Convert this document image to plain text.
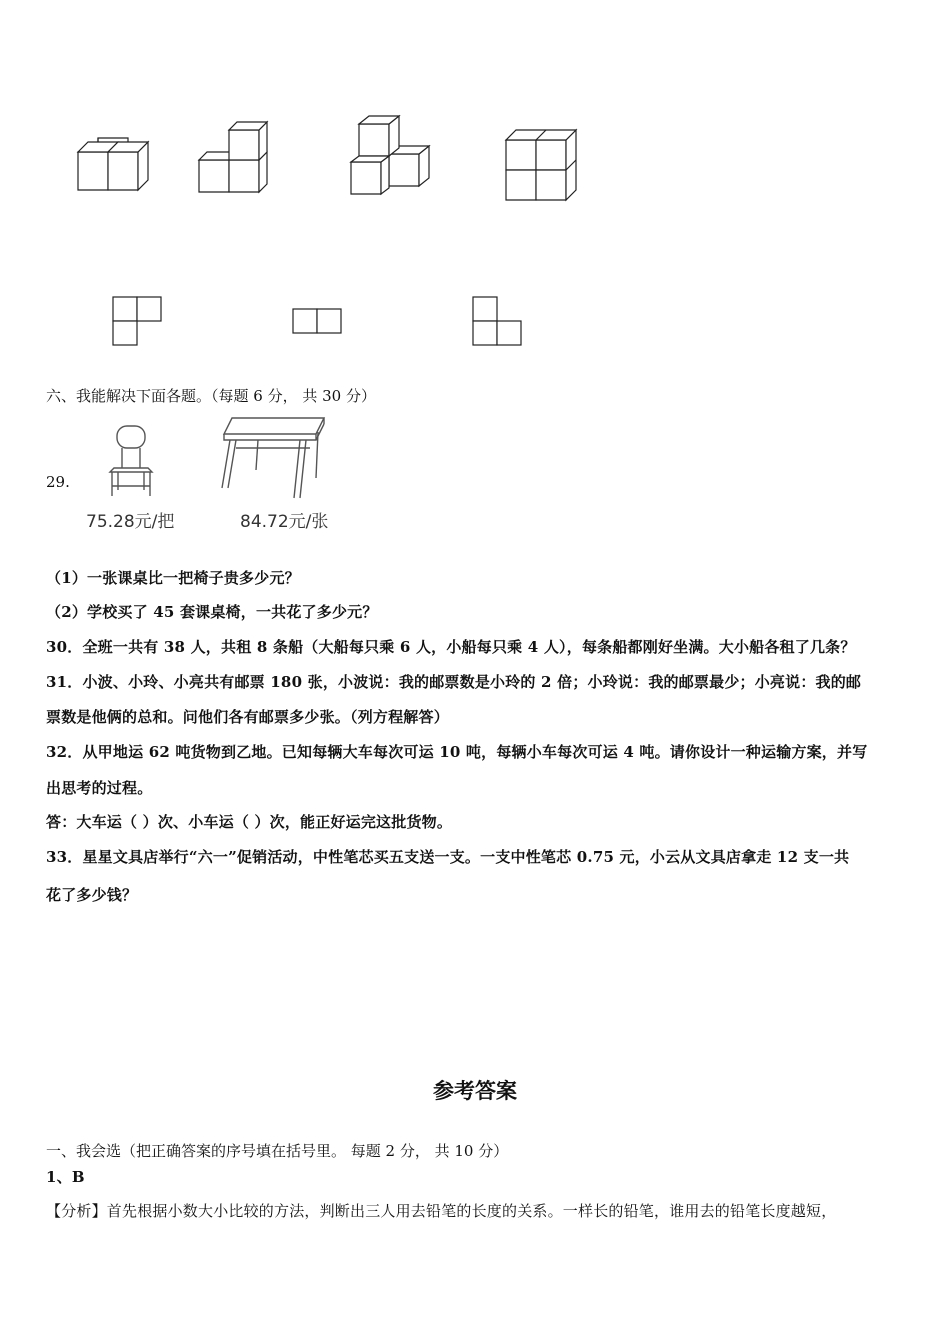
六、我能解决下面各题。（每题 6 分， 共 30 分）
29.
75.28元/把	84.72元/张
（1）一张课桌比一把椅子贵多少元？
（2）学校买了 45 套课桌椅，一共花了多少元？
30．全班一共有 38 人，共租 8 条船（大船每只乘 6 人，小船每只乘 4 人），每条船都刚好坐满。大小船各租了几条？
31．小波、小玲、小亮共有邮票 180 张，小波说：我的邮票数是小玲的 2 倍；小玲说：我的邮票最少；小亮说：我的邮
票数是他俩的总和。问他们各有邮票多少张。（列方程解答）
32．从甲地运 62 吨货物到乙地。已知每辆大车每次可运 10 吨，每辆小车每次可运 4 吨。请你设计一种运输方案，并写
出思考的过程。
答：大车运（ ）次、小车运（ ）次，能正好运完这批货物。
33．星星文具店举行“六一”促销活动，中性笔芯买五支送一支。一支中性笔芯 0.75 元，小云从文具店拿走 12 支一共
花了多少钱？
参考答案
一、我会选（把正确答案的序号填在括号里。 每题 2 分， 共 10 分）
1、B
【分析】首先根据小数大小比较的方法，判断出三人用去铅笔的长度的关系。一样长的铅笔，谁用去的铅笔长度越短，
